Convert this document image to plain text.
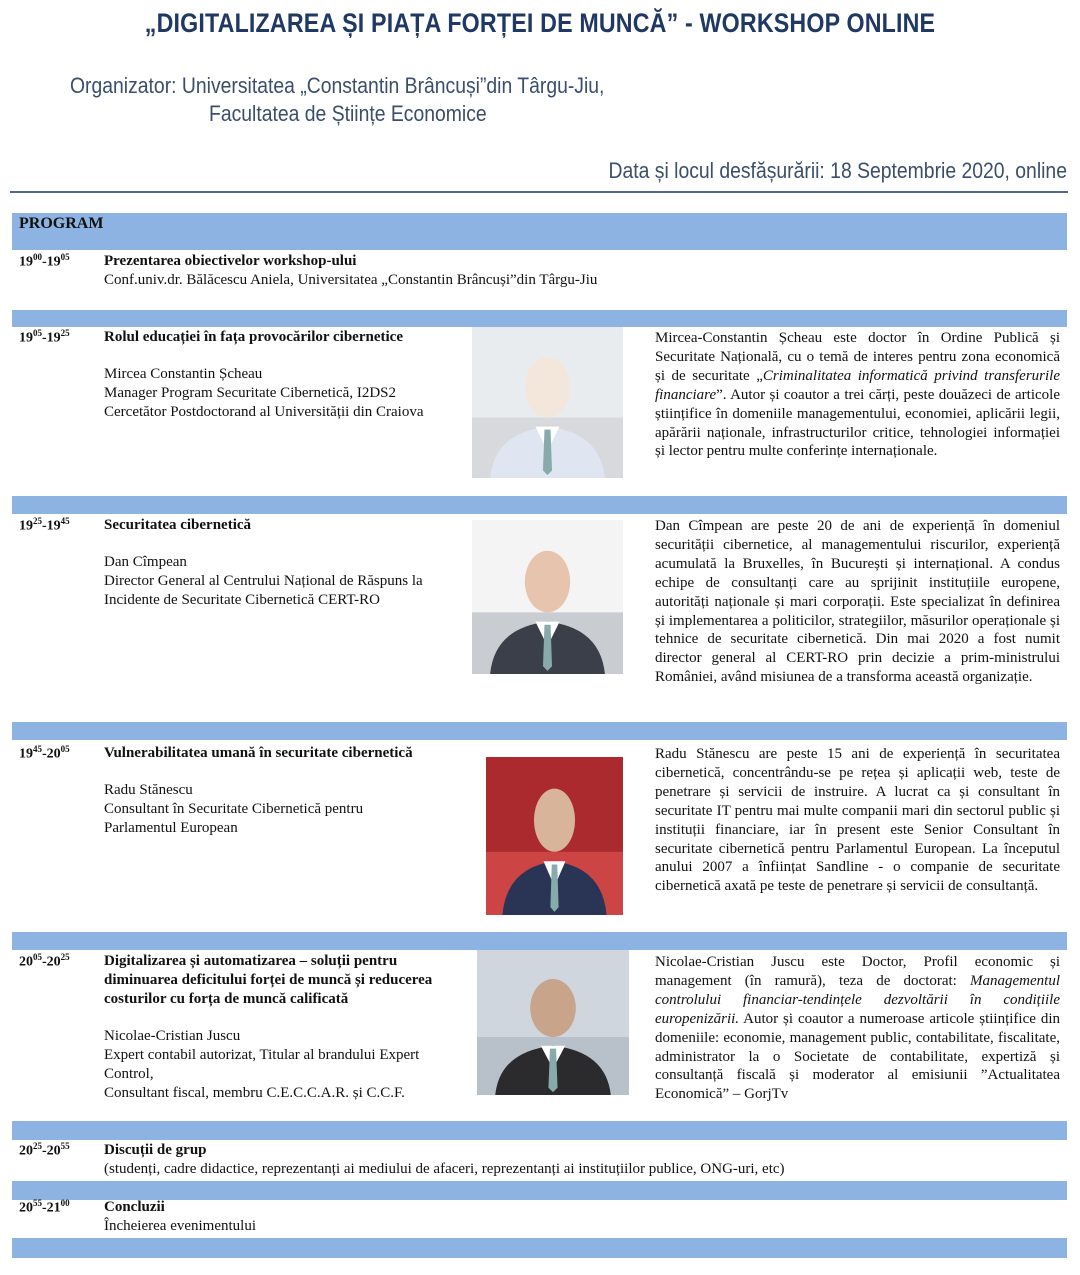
„DIGITALIZAREA ȘI PIAȚA FORȚEI DE MUNCĂ” - WORKSHOP ONLINE
Organizator: Universitatea „Constantin Brâncuși”din Târgu-Jiu,
Facultatea de Științe Economice
Data și locul desfășurării: 18 Septembrie 2020, online
PROGRAM
$19^{00}-19^{05}$ Prezentarea obiectivelor workshop-ului
Conf.univ.dr. Bălăcescu Aniela, Universitatea „Constantin Brâncuși”din Târgu-Jiu
$19^{05}-19^{25}$ Rolul educației în fața provocărilor cibernetice
Mircea Constantin Șcheau
Manager Program Securitate Cibernetică, I2DS2
Cercetător Postdoctorand al Universității din Craiova
Mircea-Constantin Șcheau este doctor în Ordine Publică și Securitate Națională, cu o temă de interes pentru zona economică și de securitate „Criminalitatea informatică privind transferurile financiare”. Autor și coautor a trei cărți, peste douăzeci de articole științifice în domeniile managementului, economiei, aplicării legii, apărării naționale, infrastructurilor critice, tehnologiei informației și lector pentru multe conferințe internaționale.
$19^{25}-19^{45}$ Securitatea cibernetică
Dan Cîmpean
Director General al Centrului Național de Răspuns la
Incidente de Securitate Cibernetică CERT-RO
Dan Cîmpean are peste 20 de ani de experiență în domeniul securității cibernetice, al managementului riscurilor, experiență acumulată la Bruxelles, în București și internațional. A condus echipe de consultanți care au sprijinit instituțiile europene, autorități naționale și mari corporații. Este specializat în definirea și implementarea a politicilor, strategiilor, măsurilor operaționale și tehnice de securitate cibernetică. Din mai 2020 a fost numit director general al CERT-RO prin decizie a prim-ministrului României, având misiunea de a transforma această organizație.
$19^{45}-20^{05}$ Vulnerabilitatea umană în securitate cibernetică
Radu Stănescu
Consultant în Securitate Cibernetică pentru
Parlamentul European
Radu Stănescu are peste 15 ani de experiență în securitatea cibernetică, concentrându-se pe rețea și aplicații web, teste de penetrare și servicii de instruire. A lucrat ca și consultant în securitate IT pentru mai multe companii mari din sectorul public și instituții financiare, iar în present este Senior Consultant în securitate cibernetică pentru Parlamentul European. La începutul anului 2007 a înființat Sandline - o companie de securitate cibernetică axată pe teste de penetrare și servicii de consultanță.
$20^{05}-20^{25}$ Digitalizarea și automatizarea – soluții pentru diminuarea deficitului forței de muncă și reducerea costurilor cu forța de muncă calificată
Nicolae-Cristian Juscu
Expert contabil autorizat, Titular al brandului Expert
Control,
Consultant fiscal, membru C.E.C.C.A.R. și C.C.F.
Nicolae-Cristian Juscu este Doctor, Profil economic și management (în ramură), teza de doctorat: Managementul controlului financiar-tendințele dezvoltării în condițiile europenizării. Autor și coautor a numeroase articole științifice din domeniile: economie, management public, contabilitate, fiscalitate, administrator la o Societate de contabilitate, expertiză și consultanță fiscală și moderator al emisiunii ”Actualitatea Economică” – GorjTv
$20^{25}-20^{55}$ Discuții de grup
(studenți, cadre didactice, reprezentanți ai mediului de afaceri, reprezentanți ai instituțiilor publice, ONG-uri, etc)
$20^{55}-21^{00}$ Concluzii
Încheierea evenimentului
